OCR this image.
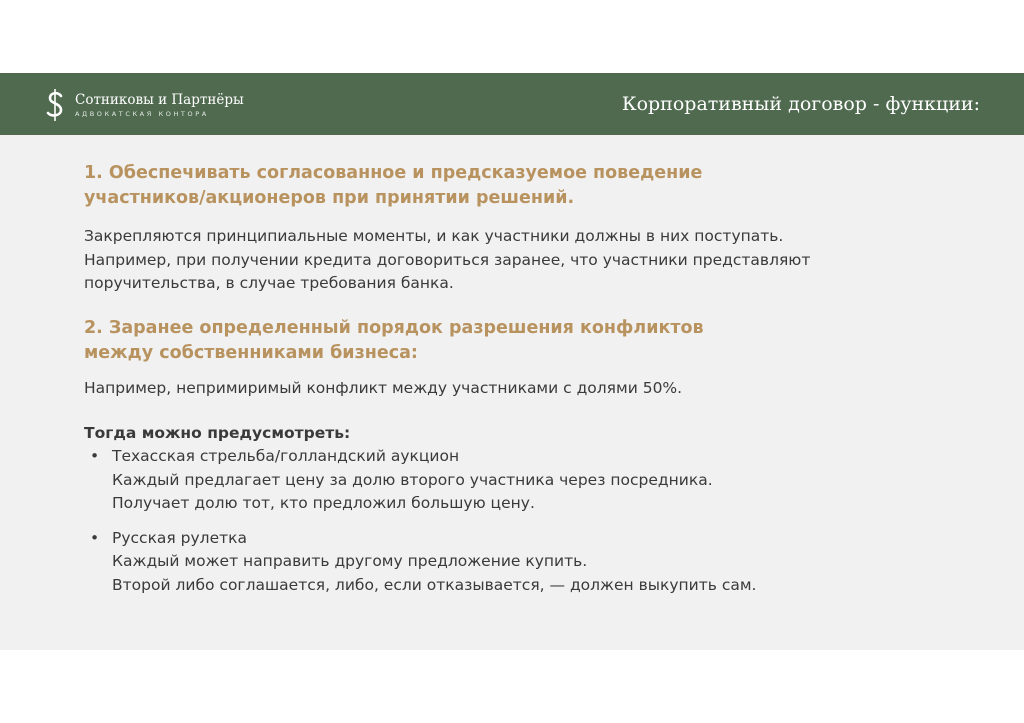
Сотниковы и Партнёры
АДВОКАТСКАЯ КОНТОРА	Корпоративный договор - функции:

1. Обеспечивать согласованное и предсказуемое поведение

участников/акционеров при принятии решений.

Закрепляются принципиальные моменты, и как участники должны в них поступать.

Например, при получении кредита договориться заранее, что участники представляют

поручительства, в случае требования банка.

2. Заранее определенный порядок разрешения конфликтов

между собственниками бизнеса:

Например, непримиримый конфликт между участниками с долями 50%.

Тогда можно предусмотреть:

• Техасская стрельба/голландский аукцион

Каждый предлагает цену за долю второго участника через посредника.

Получает долю тот, кто предложил большую цену.

• Русская рулетка

Каждый может направить другому предложение купить.

Второй либо соглашается, либо, если отказывается, — должен выкупить сам.
